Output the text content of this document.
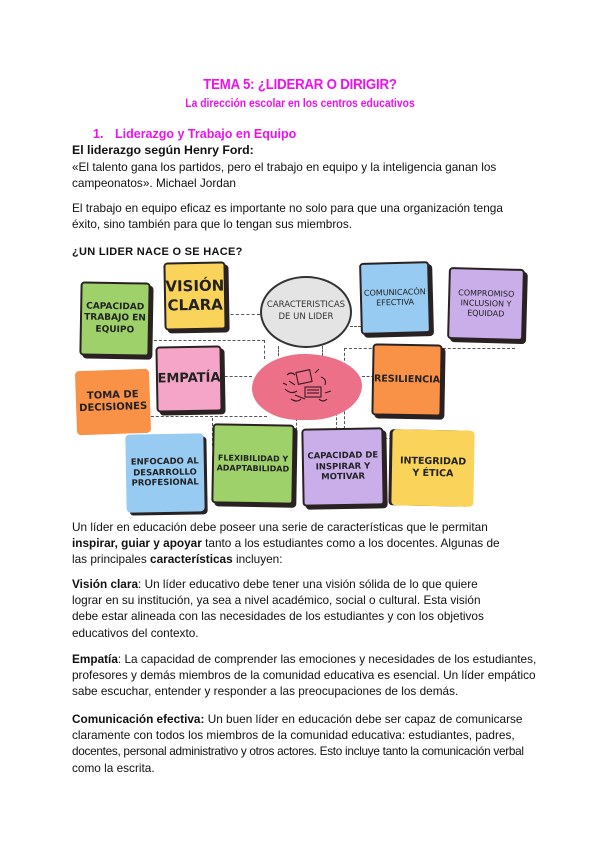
TEMA 5: ¿LIDERAR O DIRIGIR?
La dirección escolar en los centros educativos
1. Liderazgo y Trabajo en Equipo
El liderazgo según Henry Ford:
«El talento gana los partidos, pero el trabajo en equipo y la inteligencia ganan los
campeonatos». Michael Jordan
El trabajo en equipo eficaz es importante no solo para que una organización tenga
éxito, sino también para que lo tengan sus miembros.
¿UN LIDER NACE O SE HACE?
CARACTERISTICAS
DE UN LIDER
VISIÓN
CLARA
CAPACIDAD
TRABAJO EN
EQUIPO
COMUNICACÓN
EFECTIVA
COMPROMISO
INCLUSION Y
EQUIDAD
EMPATÍA
TOMA DE
DECISIONES
RESILIENCIA
ENFOCADO AL
DESARROLLO
PROFESIONAL
FLEXIBILIDAD Y
ADAPTABILIDAD
CAPACIDAD DE
INSPIRAR Y
MOTIVAR
INTEGRIDAD
Y ÉTICA
Un líder en educación debe poseer una serie de características que le permitan
inspirar, guiar y apoyar tanto a los estudiantes como a los docentes. Algunas de
las principales características incluyen:
Visión clara: Un líder educativo debe tener una visión sólida de lo que quiere
lograr en su institución, ya sea a nivel académico, social o cultural. Esta visión
debe estar alineada con las necesidades de los estudiantes y con los objetivos
educativos del contexto.
Empatía: La capacidad de comprender las emociones y necesidades de los estudiantes,
profesores y demás miembros de la comunidad educativa es esencial. Un líder empático
sabe escuchar, entender y responder a las preocupaciones de los demás.
Comunicación efectiva: Un buen líder en educación debe ser capaz de comunicarse
claramente con todos los miembros de la comunidad educativa: estudiantes, padres,
docentes, personal administrativo y otros actores. Esto incluye tanto la comunicación verbal
como la escrita.
